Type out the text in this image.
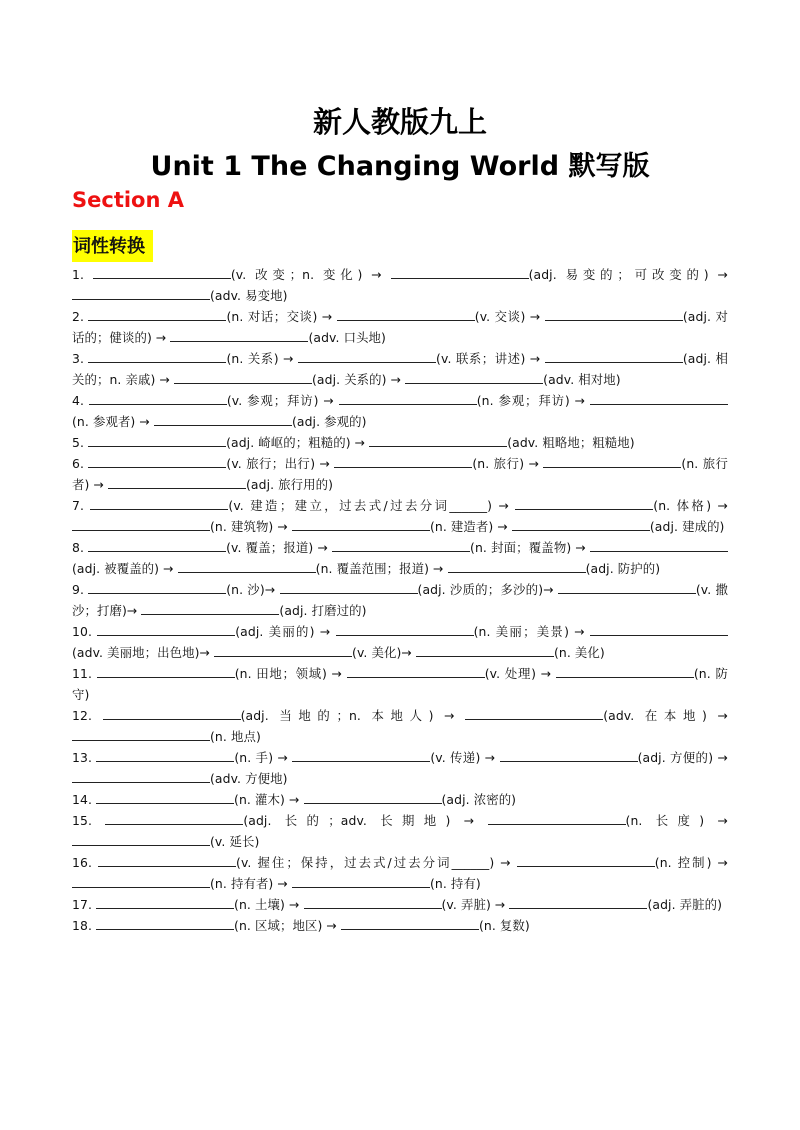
新人教版九上
Unit 1 The Changing World 默写版
Section A
词性转换

1.	(v. 改变；n. 变化) →	(adj. 易变的；可改变的) → (adv. 易变地)

2.	(n. 对话；交谈) →	(v. 交谈) →	(adj. 对话的；健谈的) →	(adv. 口头地)

3.	(n. 关系) →	(v. 联系；讲述) →	(adj. 相关的；n. 亲戚) →	(adj. 关系的) →	(adv. 相对地)

4.	(v. 参观；拜访) →	(n. 参观；拜访) → (n. 参观者) →	(adj. 参观的)

5.	(adj. 崎岖的；粗糙的) →	(adv. 粗略地；粗糙地)

6.	(v. 旅行；出行) →	(n. 旅行) →	(n. 旅行者) →	(adj. 旅行用的)

7.	(v. 建造；建立，过去式/过去分词______) →	(n. 体格) → (n. 建筑物) →	(n. 建造者) →	(adj. 建成的)

8.	(v. 覆盖；报道) →	(n. 封面；覆盖物) → (adj. 被覆盖的) →	(n. 覆盖范围；报道) →	(adj. 防护的)

9.	(n. 沙)→	(adj. 沙质的；多沙的)→	(v. 撒沙；打磨)→	(adj. 打磨过的)

10.	(adj. 美丽的) →	(n. 美丽；美景) → (adv. 美丽地；出色地)→	(v. 美化)→	(n. 美化)

11.	(n. 田地；领域) →	(v. 处理) →	(n. 防守)

12.	(adj. 当地的；n. 本地人) →	(adv. 在本地) → (n. 地点)

13.	(n. 手) →	(v. 传递) →	(adj. 方便的) → (adv. 方便地)

14.	(n. 灌木) →	(adj. 浓密的)

15.	(adj. 长的；adv. 长期地) →	(n. 长度) → (v. 延长)

16.	(v. 握住；保持，过去式/过去分词______) →	(n. 控制) → (n. 持有者) →	(n. 持有)

17.	(n. 土壤) →	(v. 弄脏) →	(adj. 弄脏的)

18.	(n. 区域；地区) →	(n. 复数)
